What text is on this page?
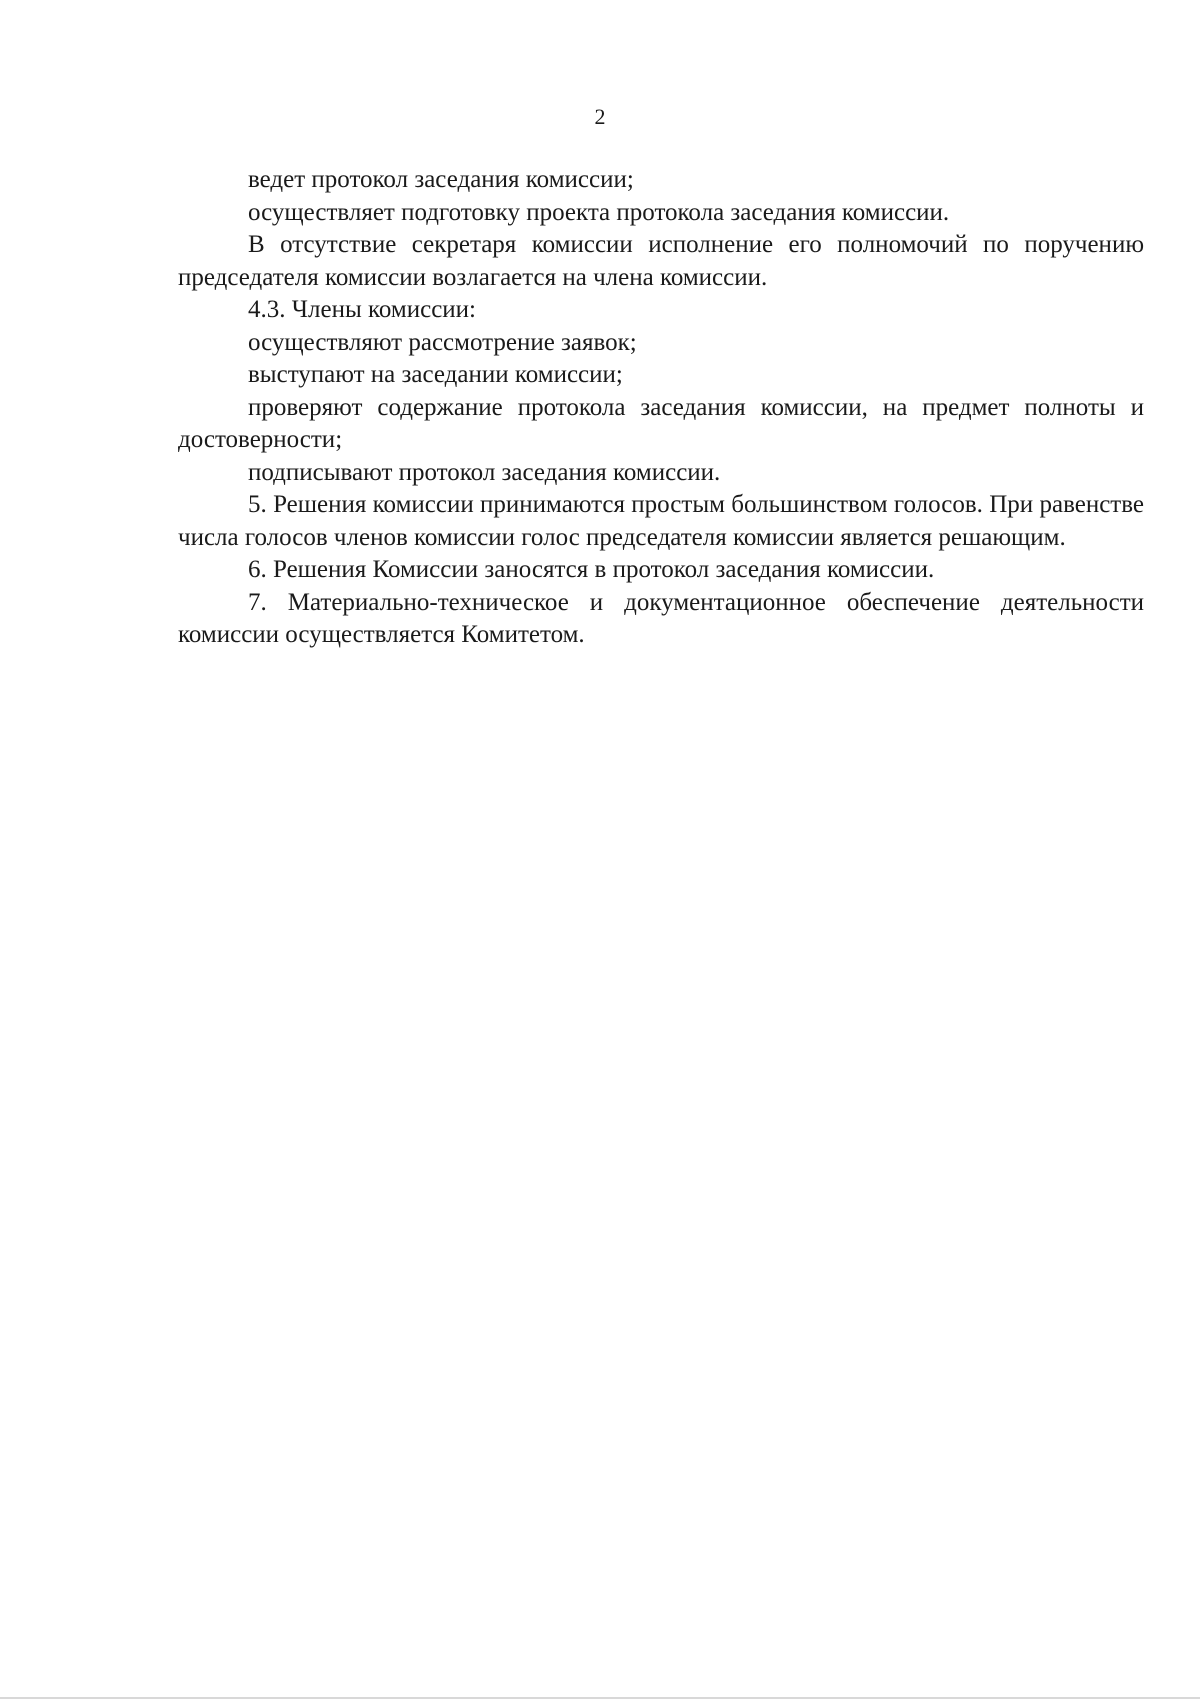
2

ведет протокол заседания комиссии;

осуществляет подготовку проекта протокола заседания комиссии.

В отсутствие секретаря комиссии исполнение его полномочий по поручению председателя комиссии возлагается на члена комиссии.

4.3. Члены комиссии:

осуществляют рассмотрение заявок;

выступают на заседании комиссии;

проверяют содержание протокола заседания комиссии, на предмет полноты и достоверности;

подписывают протокол заседания комиссии.

5. Решения комиссии принимаются простым большинством голосов. При равенстве числа голосов членов комиссии голос председателя комиссии является решающим.

6. Решения Комиссии заносятся в протокол заседания комиссии.

7. Материально-техническое и документационное обеспечение деятельности комиссии осуществляется Комитетом.
